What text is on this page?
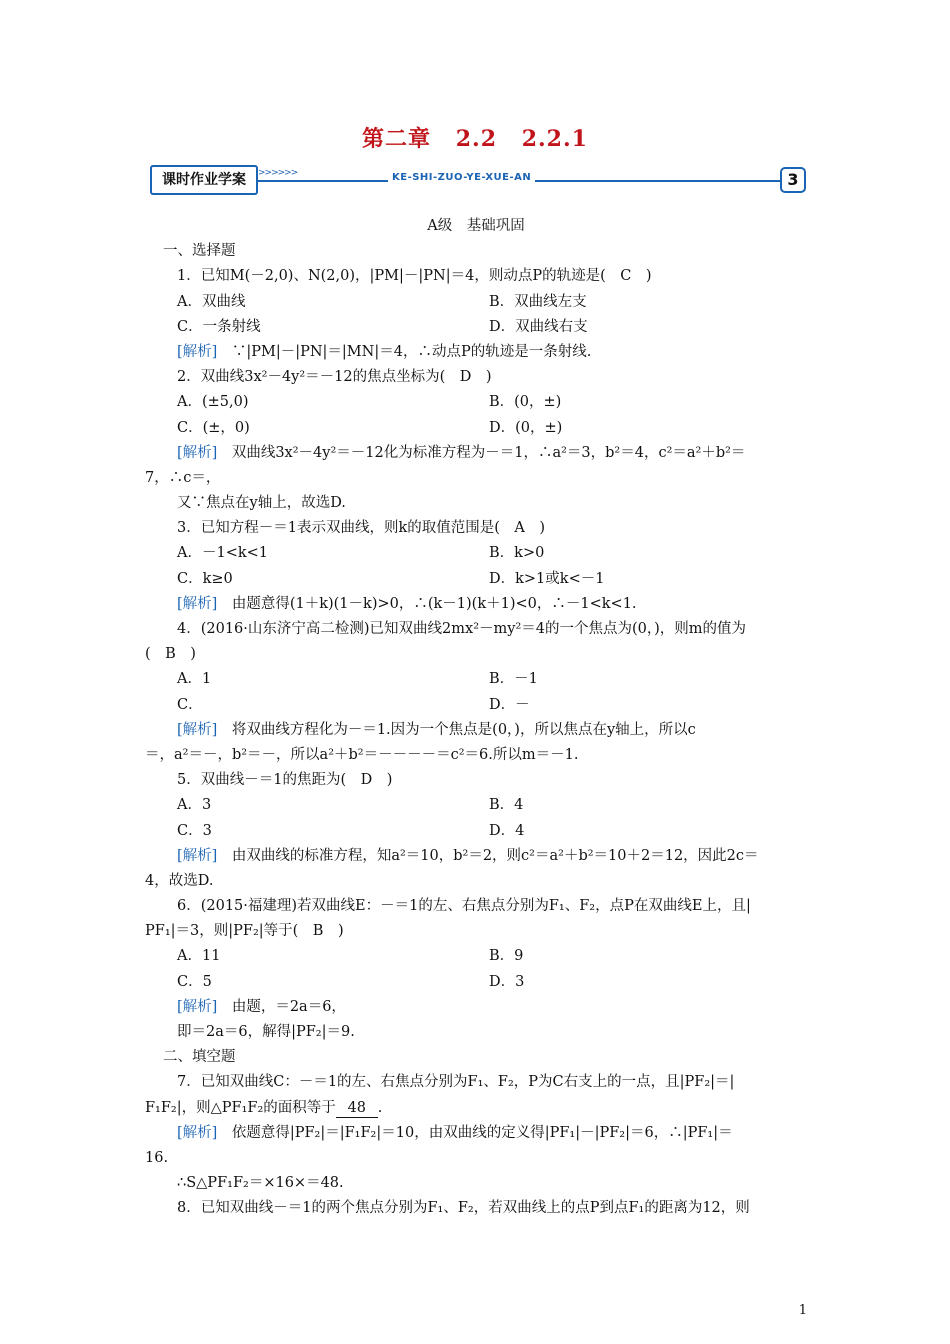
第二章 2.2 2.2.1
课时作业学案	>>>>>>	KE-SHI-ZUO-YE-XUE-AN	3
A级　基础巩固
一、选择题
1．已知M(－2,0)、N(2,0)，|PM|－|PN|＝4，则动点P的轨迹是(　C　)
A．双曲线	B．双曲线左支
C．一条射线	D．双曲线右支
[解析]　 ∵|PM|－|PN|＝|MN|＝4，∴动点P的轨迹是一条射线.
2．双曲线3x²－4y²＝－12的焦点坐标为(　D　)
A．(±5,0)	B．(0，±)
C．(±，0)	D．(0，±)
[解析]　 双曲线3x²－4y²＝－12化为标准方程为－＝1，∴a²＝3，b²＝4，c²＝a²＋b²＝
7，∴c＝，
又∵焦点在y轴上，故选D.
3．已知方程－＝1表示双曲线，则k的取值范围是(　A　)
A．－1<k<1	B．k>0
C．k≥0	D．k>1或k<－1
[解析]　 由题意得(1＋k)(1－k)>0，∴(k－1)(k＋1)<0，∴－1<k<1.
4．(2016·山东济宁高二检测)已知双曲线2mx²－my²＝4的一个焦点为(0，)，则m的值为
(　B　)
A．1	B．－1
C．	D．－
[解析]　 将双曲线方程化为－＝1.因为一个焦点是(0，)，所以焦点在y轴上，所以c
＝，a²＝－，b²＝－，所以a²＋b²＝－－－－＝c²＝6.所以m＝－1.
5．双曲线－＝1的焦距为(　D　)
A．3	B．4
C．3	D．4
[解析]　 由双曲线的标准方程，知a²＝10，b²＝2，则c²＝a²＋b²＝10＋2＝12，因此2c＝
4，故选D.
6．(2015·福建理)若双曲线E：－＝1的左、右焦点分别为F₁、F₂，点P在双曲线E上，且|
PF₁|＝3，则|PF₂|等于(　B　)
A．11	B．9
C．5	D．3
[解析]　 由题，＝2a＝6，
即＝2a＝6，解得|PF₂|＝9.
二、填空题
7．已知双曲线C：－＝1的左、右焦点分别为F₁、F₂，P为C右支上的一点，且|PF₂|＝|
F₁F₂|，则△PF₁F₂的面积等于 48 .
[解析]　 依题意得|PF₂|＝|F₁F₂|＝10，由双曲线的定义得|PF₁|－|PF₂|＝6，∴|PF₁|＝
16.
∴S△PF₁F₂＝×16×＝48.
8．已知双曲线－＝1的两个焦点分别为F₁、F₂，若双曲线上的点P到点F₁的距离为12，则
1
